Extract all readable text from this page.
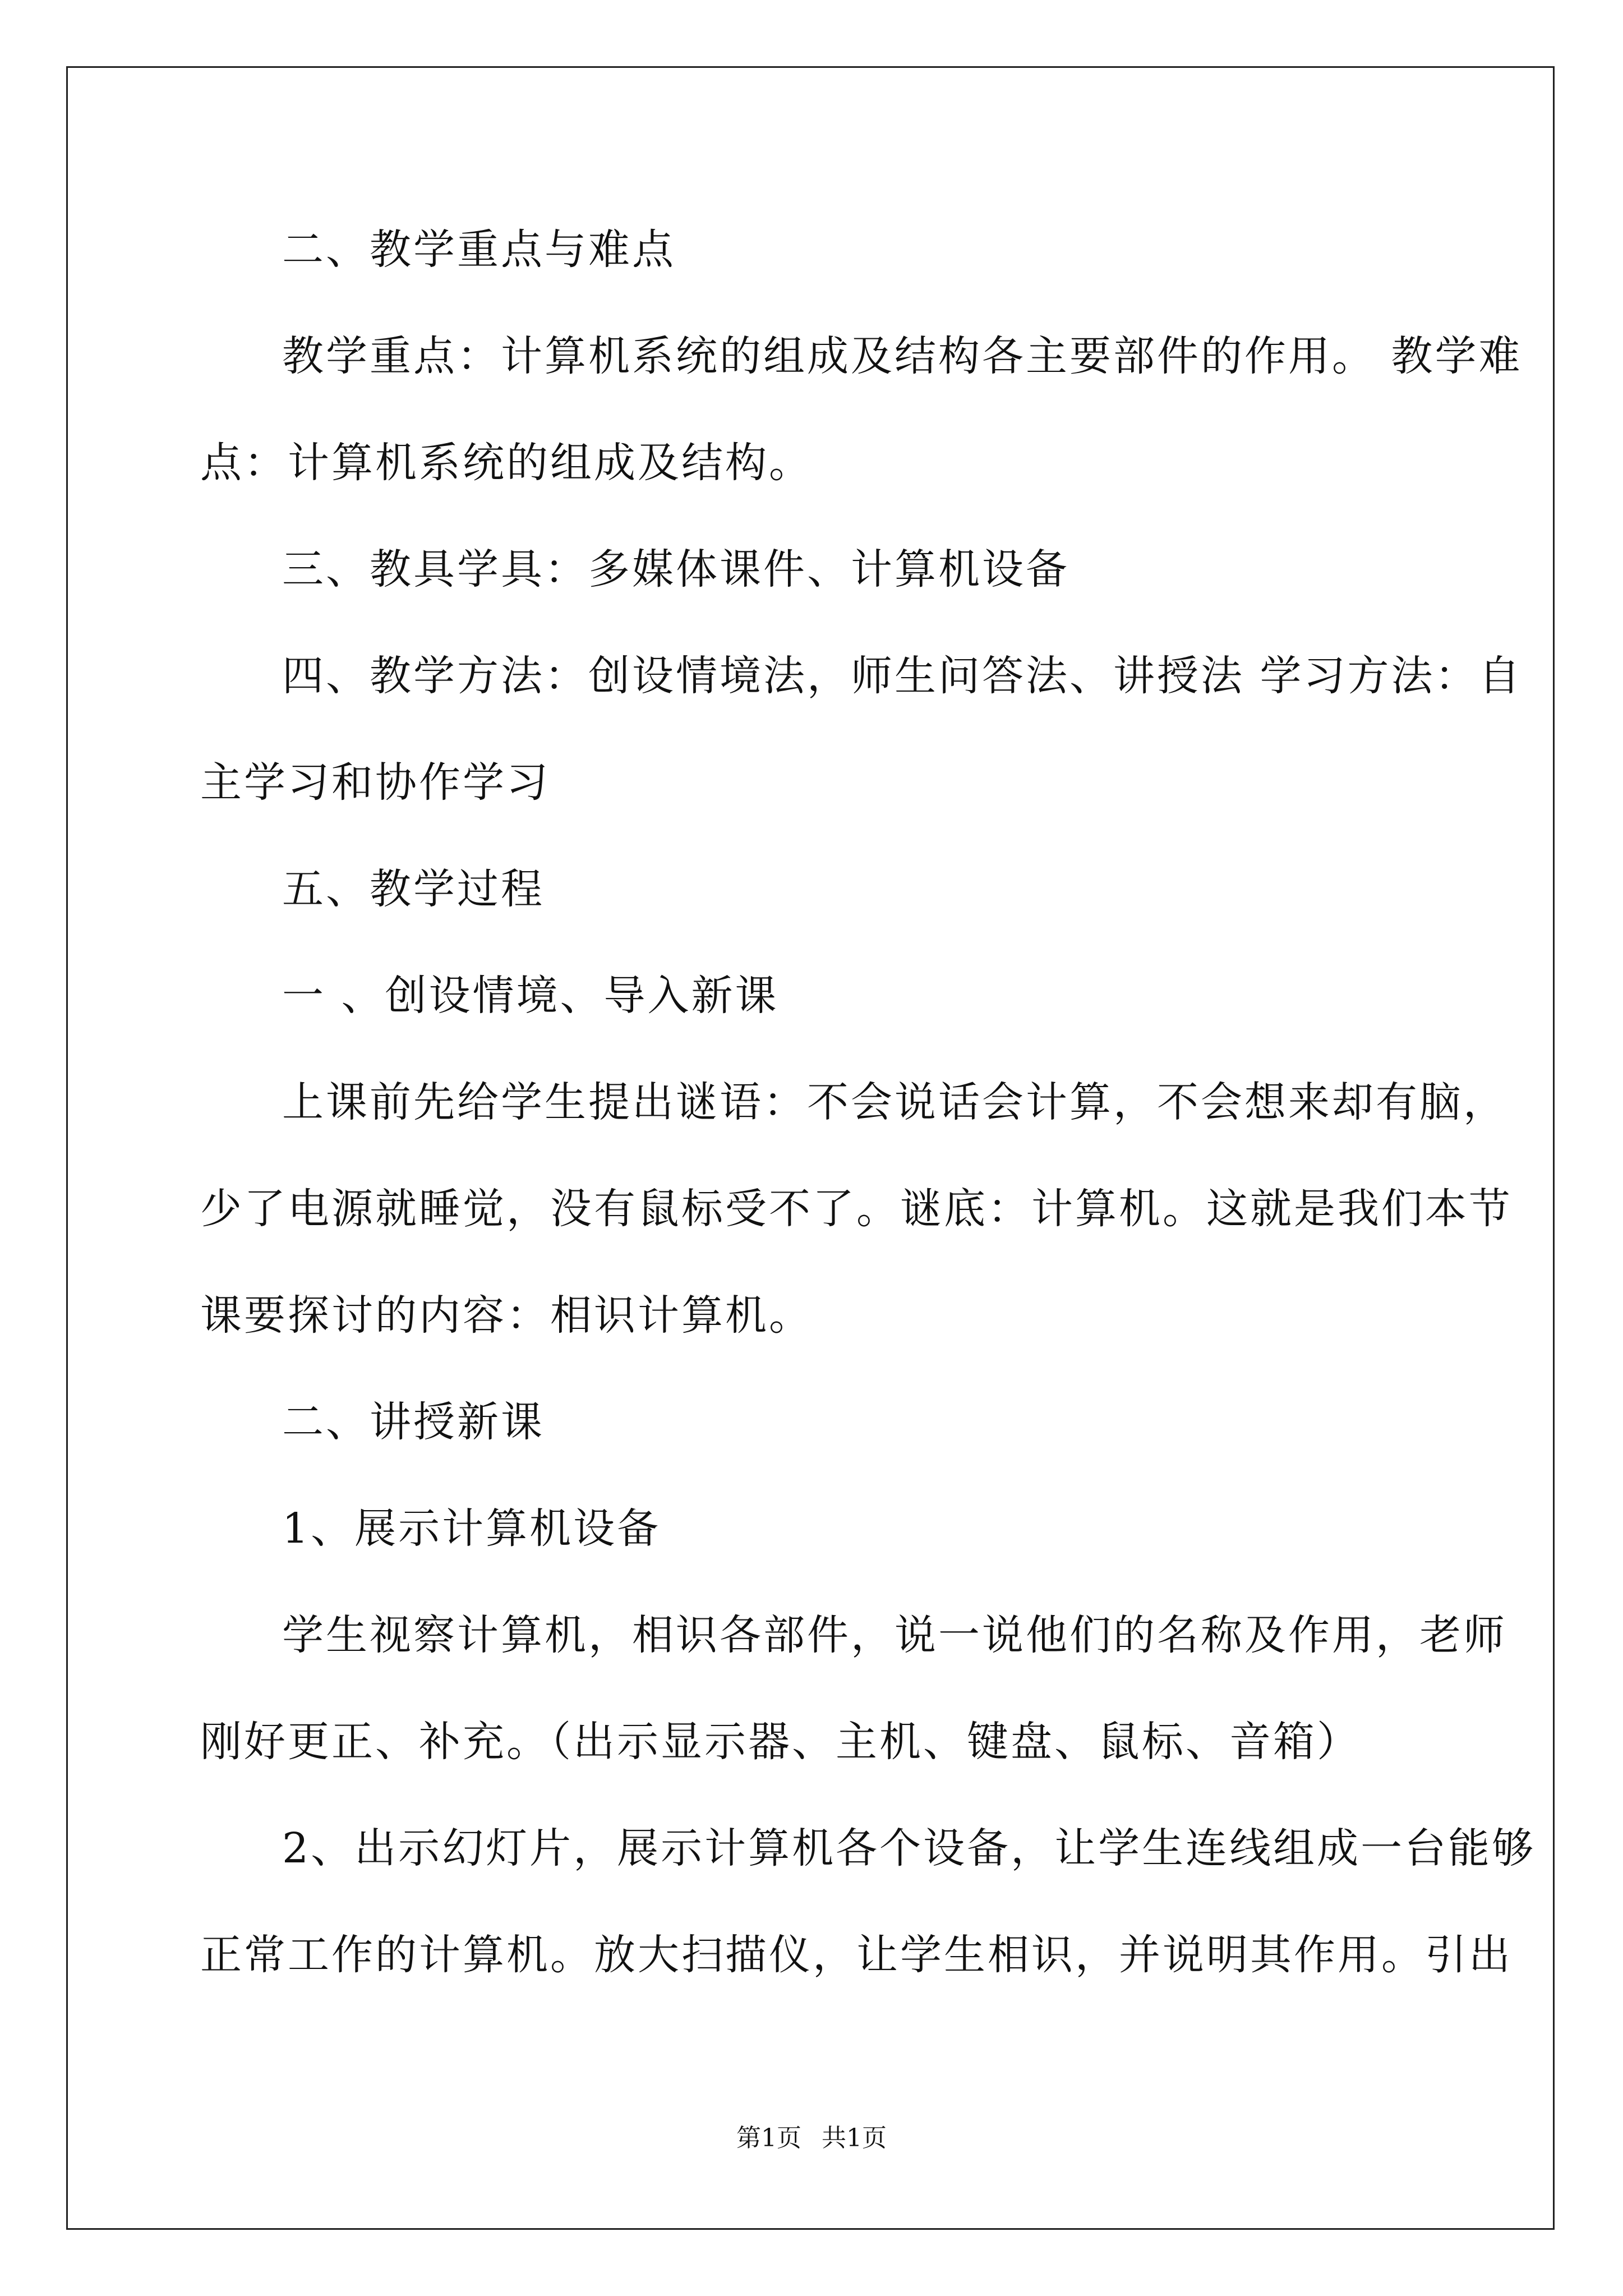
二、教学重点与难点
教学重点：计算机系统的组成及结构各主要部件的作用。 教学难
点：计算机系统的组成及结构。
三、教具学具：多媒体课件、计算机设备
四、教学方法：创设情境法，师生问答法、讲授法 学习方法：自
主学习和协作学习
五、教学过程
一 、创设情境、导入新课
上课前先给学生提出谜语：不会说话会计算，不会想来却有脑，
少了电源就睡觉，没有鼠标受不了。谜底：计算机。这就是我们本节
课要探讨的内容：相识计算机。
二、讲授新课
1、展示计算机设备
学生视察计算机，相识各部件，说一说他们的名称及作用，老师
刚好更正、补充。（出示显示器、主机、键盘、鼠标、音箱）
2、出示幻灯片，展示计算机各个设备，让学生连线组成一台能够
正常工作的计算机。放大扫描仪，让学生相识，并说明其作用。引出
第1页 共1页
